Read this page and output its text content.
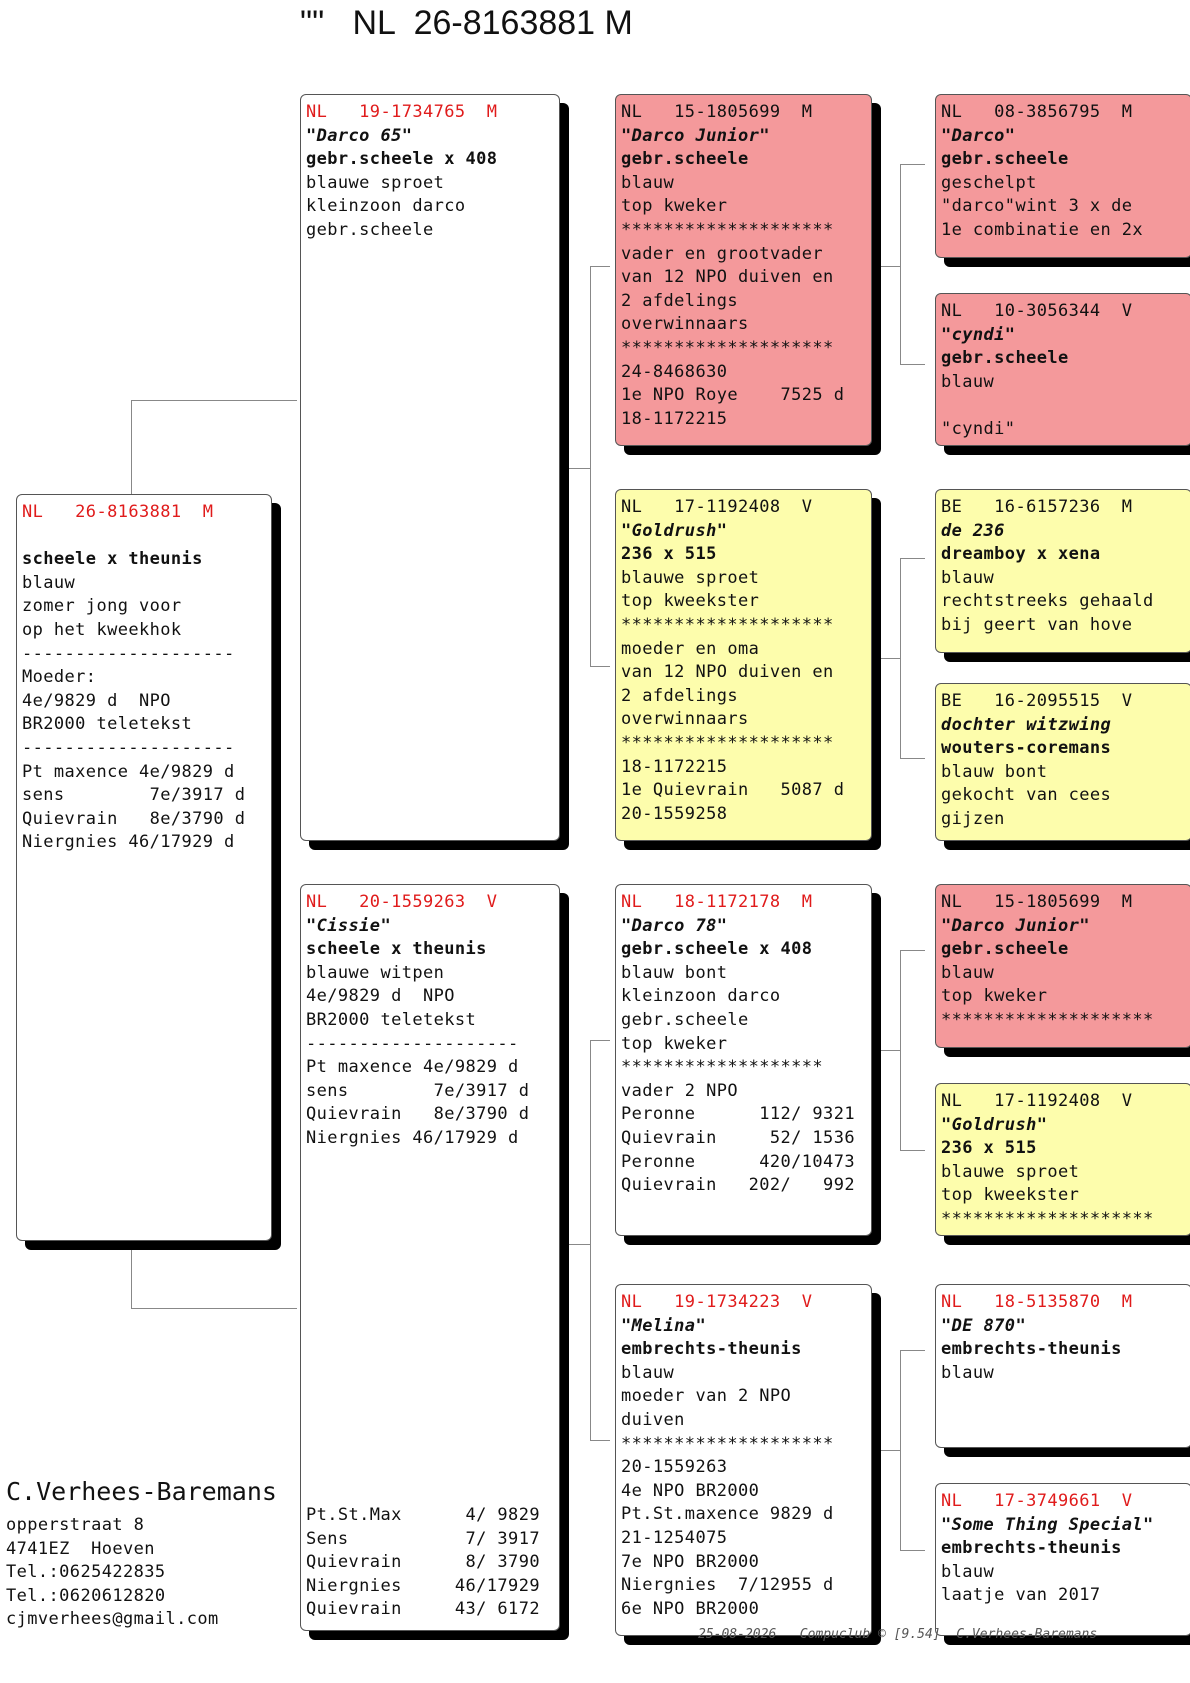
""   NL  26-8163881 M
NL   26-8163881  M
scheele x theunis
blauw
zomer jong voor
op het kweekhok
--------------------
Moeder:
4e/9829 d  NPO
BR2000 teletekst
--------------------
Pt maxence 4e/9829 d
sens        7e/3917 d
Quievrain   8e/3790 d
Niergnies 46/17929 d
NL   19-1734765  M
"Darco 65"
gebr.scheele x 408
blauwe sproet
kleinzoon darco
gebr.scheele
NL   20-1559263  V
"Cissie"
scheele x theunis
blauwe witpen
4e/9829 d  NPO
BR2000 teletekst
--------------------
Pt maxence 4e/9829 d
sens        7e/3917 d
Quievrain   8e/3790 d
Niergnies 46/17929 d
Pt.St.Max      4/ 9829
Sens           7/ 3917
Quievrain      8/ 3790
Niergnies     46/17929
Quievrain     43/ 6172
NL   15-1805699  M
"Darco Junior"
gebr.scheele
blauw
top kweker
********************
vader en grootvader
van 12 NPO duiven en
2 afdelings
overwinnaars
********************
24-8468630
1e NPO Roye    7525 d
18-1172215
NL   17-1192408  V
"Goldrush"
236 x 515
blauwe sproet
top kweekster
********************
moeder en oma
van 12 NPO duiven en
2 afdelings
overwinnaars
********************
18-1172215
1e Quievrain   5087 d
20-1559258
NL   18-1172178  M
"Darco 78"
gebr.scheele x 408
blauw bont
kleinzoon darco
gebr.scheele
top kweker
*******************
vader 2 NPO
Peronne      112/ 9321
Quievrain     52/ 1536
Peronne      420/10473
Quievrain   202/   992
NL   19-1734223  V
"Melina"
embrechts-theunis
blauw
moeder van 2 NPO
duiven
********************
20-1559263
4e NPO BR2000
Pt.St.maxence 9829 d
21-1254075
7e NPO BR2000
Niergnies  7/12955 d
6e NPO BR2000
NL   08-3856795  M
"Darco"
gebr.scheele
geschelpt
"darco"wint 3 x de
1e combinatie en 2x
NL   10-3056344  V
"cyndi"
gebr.scheele
blauw
"cyndi"
BE   16-6157236  M
de 236
dreamboy x xena
blauw
rechtstreeks gehaald
bij geert van hove
BE   16-2095515  V
dochter witzwing
wouters-coremans
blauw bont
gekocht van cees
gijzen
NL   15-1805699  M
"Darco Junior"
gebr.scheele
blauw
top kweker
********************
NL   17-1192408  V
"Goldrush"
236 x 515
blauwe sproet
top kweekster
********************
NL   18-5135870  M
"DE 870"
embrechts-theunis
blauw
NL   17-3749661  V
"Some Thing Special"
embrechts-theunis
blauw
laatje van 2017
C.Verhees-Baremans
opperstraat 8
4741EZ  Hoeven
Tel.:0625422835
Tel.:0620612820
cjmverhees@gmail.com
25-08-2026   Compuclub © [9.54]  C.Verhees-Baremans
